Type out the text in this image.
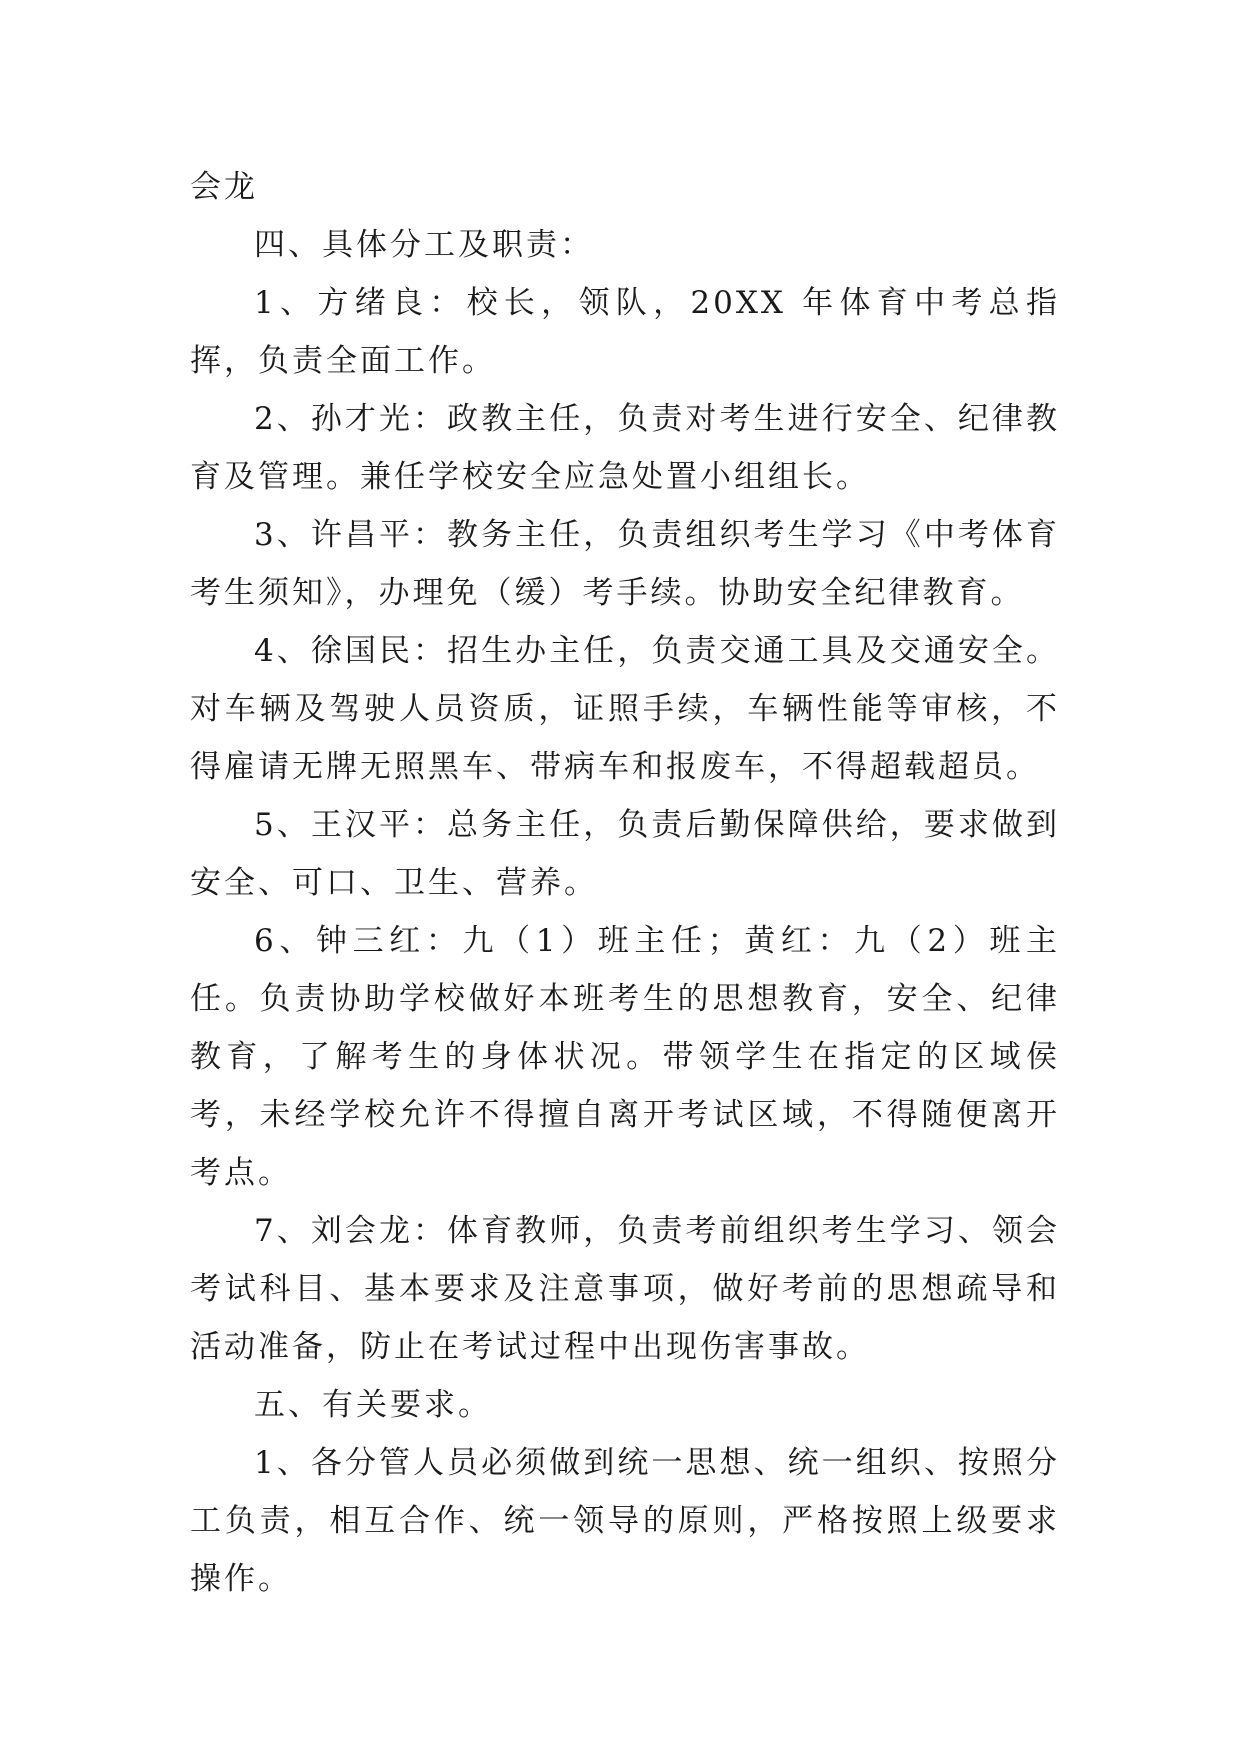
会龙

四、具体分工及职责：

1、方绪良：校长，领队，20XX 年体育中考总指挥，负责全面工作。

2、孙才光：政教主任，负责对考生进行安全、纪律教育及管理。兼任学校安全应急处置小组组长。

3、许昌平：教务主任，负责组织考生学习《中考体育考生须知》，办理免（缓）考手续。协助安全纪律教育。

4、徐国民：招生办主任，负责交通工具及交通安全。对车辆及驾驶人员资质，证照手续，车辆性能等审核，不得雇请无牌无照黑车、带病车和报废车，不得超载超员。

5、王汉平：总务主任，负责后勤保障供给，要求做到安全、可口、卫生、营养。

6、钟三红：九（1）班主任；黄红：九（2）班主任。负责协助学校做好本班考生的思想教育，安全、纪律教育，了解考生的身体状况。带领学生在指定的区域侯考，未经学校允许不得擅自离开考试区域，不得随便离开考点。

7、刘会龙：体育教师，负责考前组织考生学习、领会考试科目、基本要求及注意事项，做好考前的思想疏导和活动准备，防止在考试过程中出现伤害事故。

五、有关要求。

1、各分管人员必须做到统一思想、统一组织、按照分工负责，相互合作、统一领导的原则，严格按照上级要求操作。
